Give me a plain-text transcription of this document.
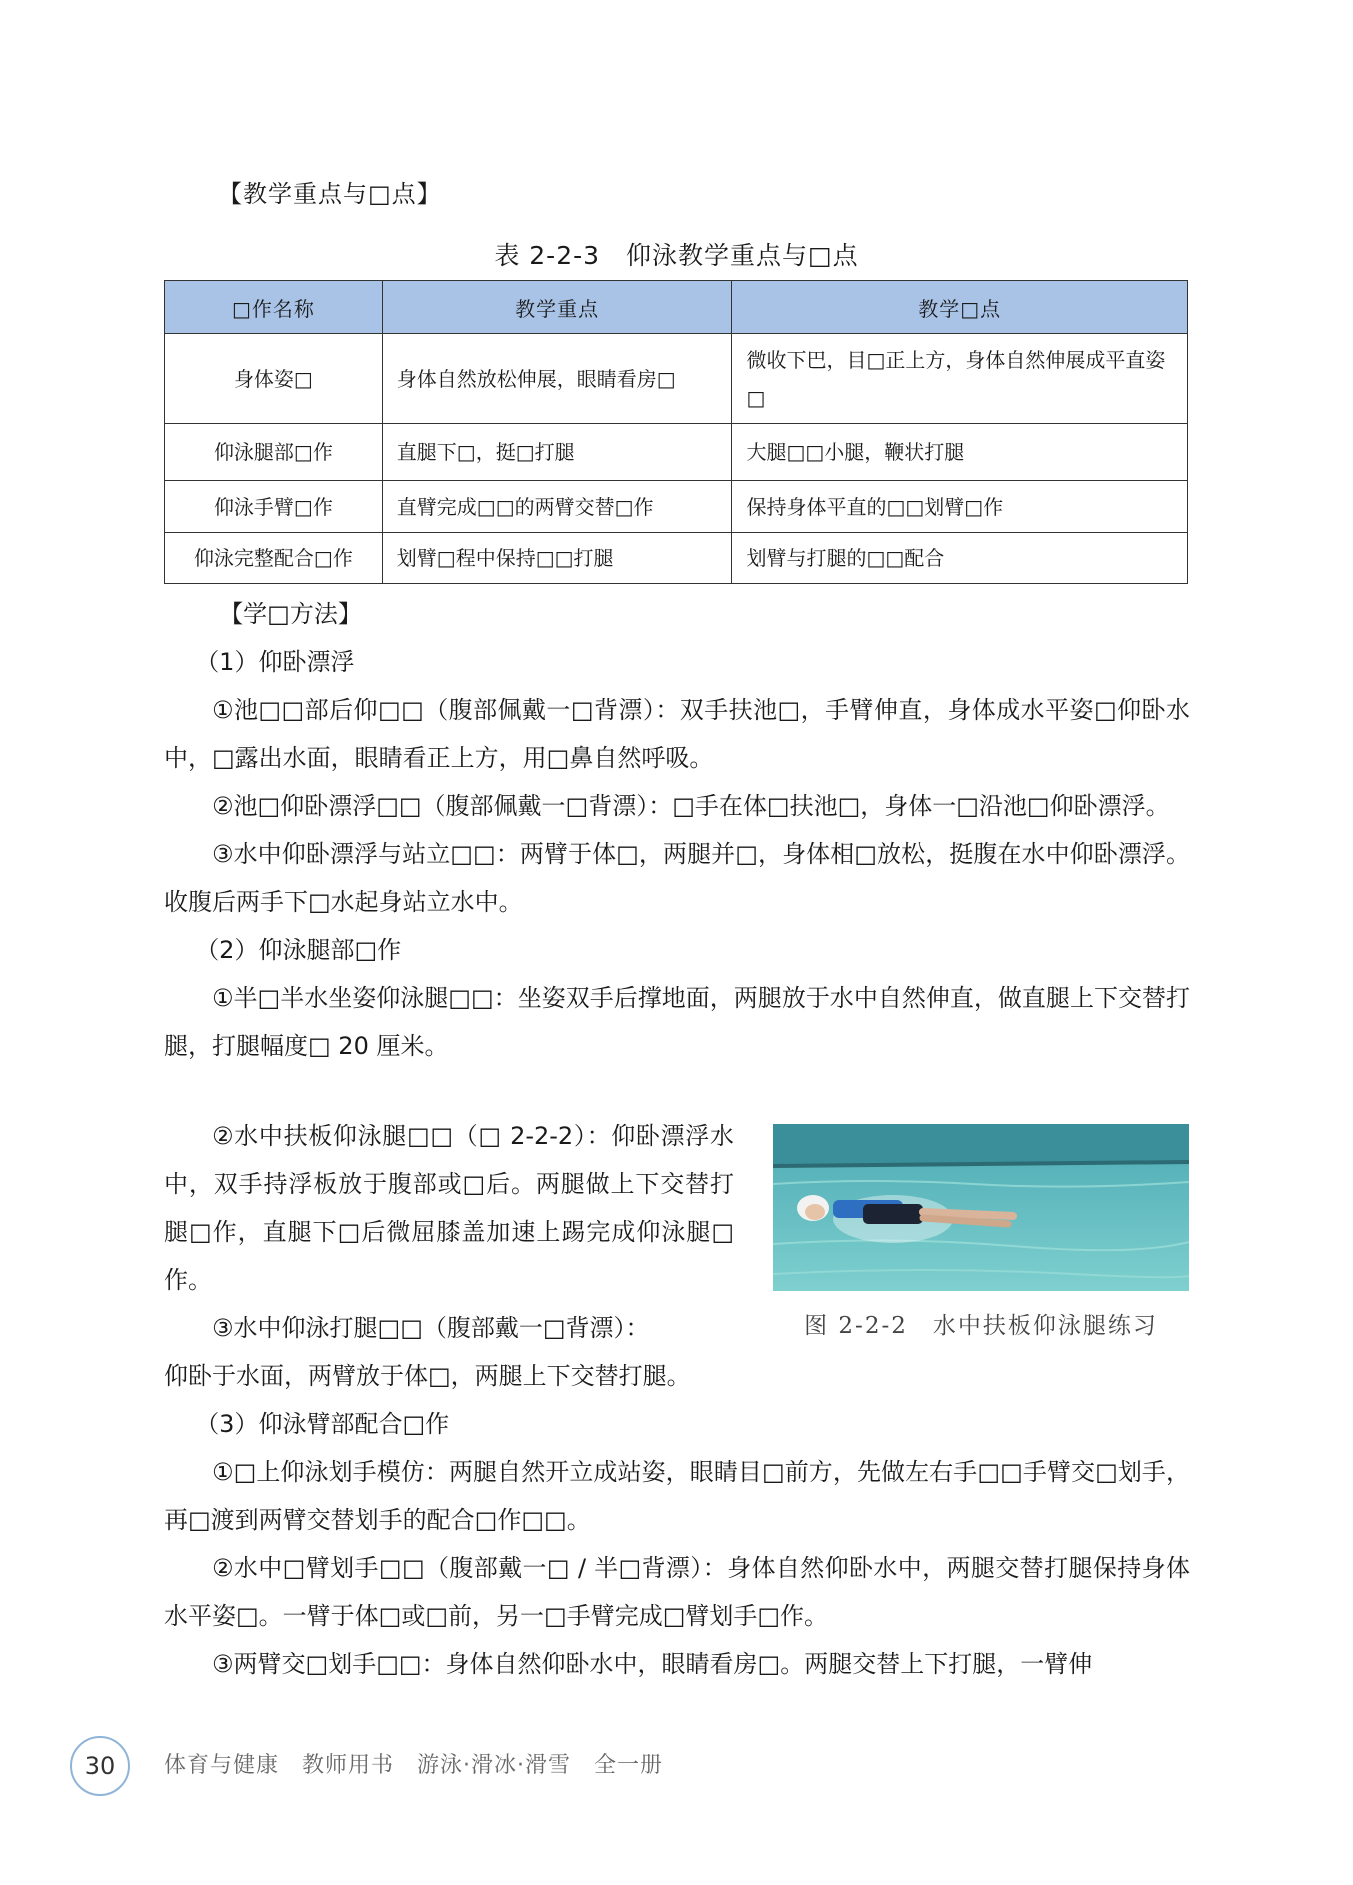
【教学重点与□点】
表 2-2-3　仰泳教学重点与□点
□作名称	教学重点	教学□点
身体姿□	身体自然放松伸展，眼睛看房□	微收下巴，目□正上方，身体自然伸展成平直姿□
仰泳腿部□作	直腿下□，挺□打腿	大腿□□小腿，鞭状打腿
仰泳手臂□作	直臂完成□□的两臂交替□作	保持身体平直的□□划臂□作
仰泳完整配合□作	划臂□程中保持□□打腿	划臂与打腿的□□配合

【学□方法】

（1）仰卧漂浮

①池□□部后仰□□（腹部佩戴一□背漂）：双手扶池□，手臂伸直，身体成水平姿□仰卧水中，□露出水面，眼睛看正上方，用□鼻自然呼吸。

②池□仰卧漂浮□□（腹部佩戴一□背漂）：□手在体□扶池□，身体一□沿池□仰卧漂浮。

③水中仰卧漂浮与站立□□：两臂于体□，两腿并□，身体相□放松，挺腹在水中仰卧漂浮。收腹后两手下□水起身站立水中。

（2）仰泳腿部□作

①半□半水坐姿仰泳腿□□：坐姿双手后撑地面，两腿放于水中自然伸直，做直腿上下交替打腿，打腿幅度□ 20 厘米。

②水中扶板仰泳腿□□（□ 2-2-2）：仰卧漂浮水中，双手持浮板放于腹部或□后。两腿做上下交替打腿□作，直腿下□后微屈膝盖加速上踢完成仰泳腿□作。

③水中仰泳打腿□□（腹部戴一□背漂）：	图 2-2-2　水中扶板仰泳腿练习

仰卧于水面，两臂放于体□，两腿上下交替打腿。

（3）仰泳臂部配合□作

①□上仰泳划手模仿：两腿自然开立成站姿，眼睛目□前方，先做左右手□□手臂交□划手，再□渡到两臂交替划手的配合□作□□。

②水中□臂划手□□（腹部戴一□ / 半□背漂）：身体自然仰卧水中，两腿交替打腿保持身体水平姿□。一臂于体□或□前，另一□手臂完成□臂划手□作。

③两臂交□划手□□：身体自然仰卧水中，眼睛看房□。两腿交替上下打腿，一臂伸

30	体育与健康　教师用书　游泳·滑冰·滑雪　全一册
